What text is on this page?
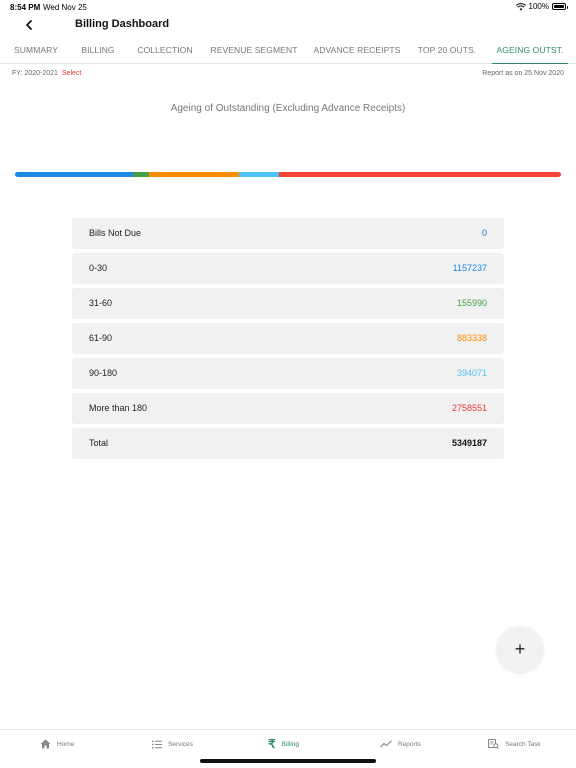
8:54 PM Wed Nov 25	100%
Billing Dashboard
SUMMARY	BILLING	COLLECTION	REVENUE SEGMENT ADVANCE RECEIPTS	TOP 20 OUTS.	AGEING OUTST.
FY: 2020-2021 Select	Report as on 25 Nov 2020
Ageing of Outstanding (Excluding Advance Receipts)
Bills Not Due	0
0-30	1157237
31-60	155990
61-90	883338
90-180	394071
More than 180	2758551
Total	5349187
+
Home	Services	₹ Billing	Reports	Search Task
